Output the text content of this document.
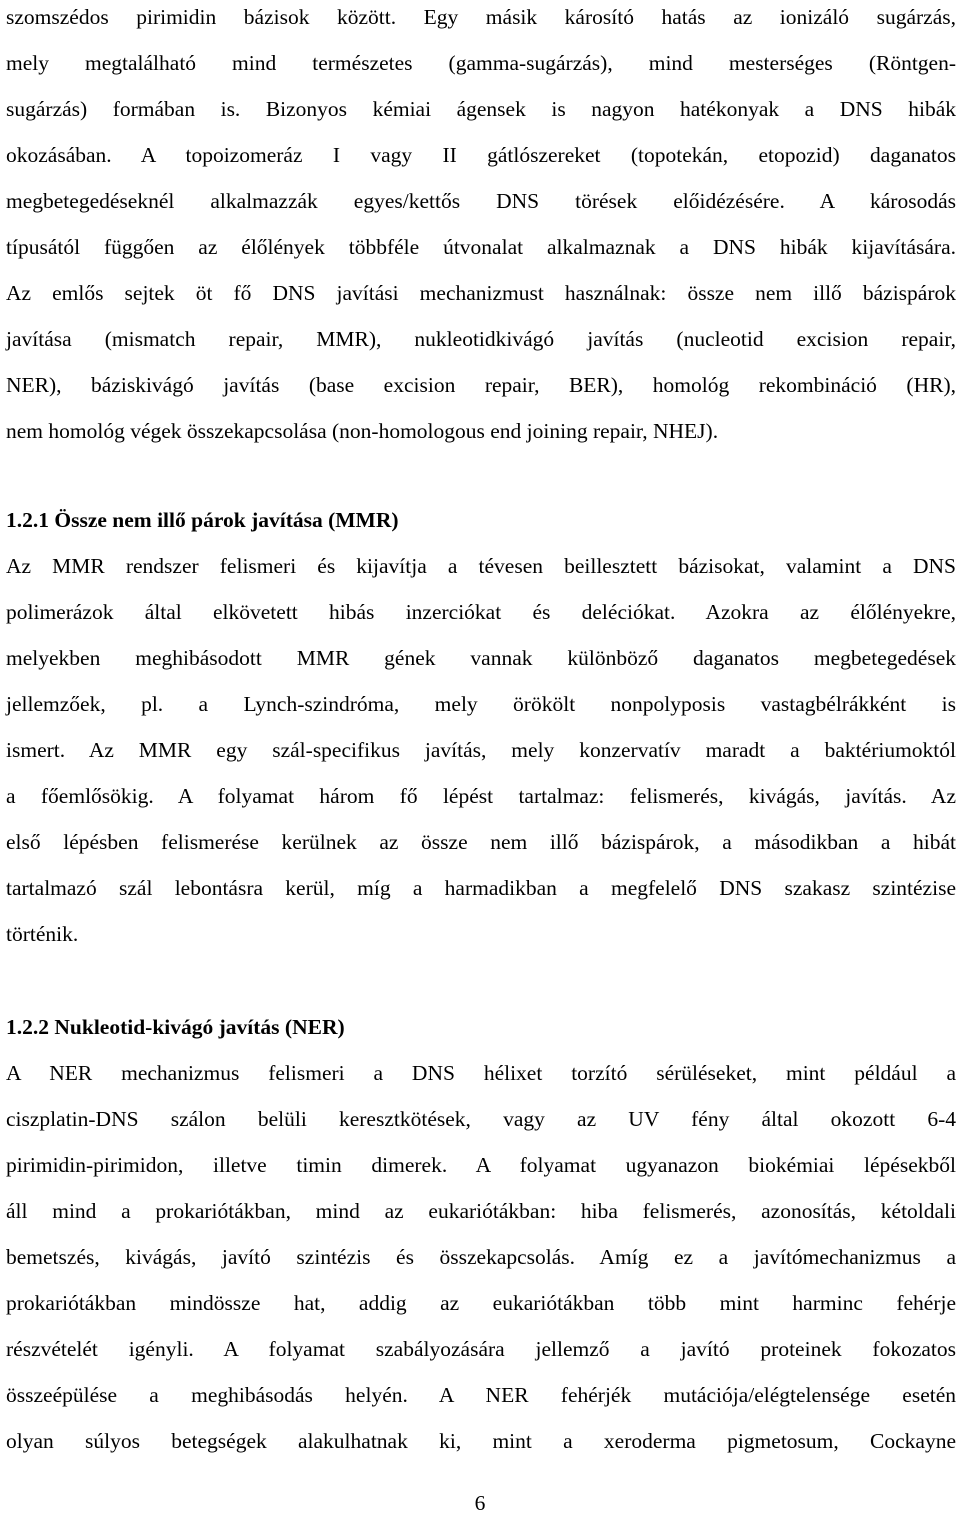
szomszédos pirimidin bázisok között. Egy másik károsító hatás az ionizáló sugárzás,
mely megtalálható mind természetes (gamma-sugárzás), mind mesterséges (Röntgen-
sugárzás) formában is. Bizonyos kémiai ágensek is nagyon hatékonyak a DNS hibák
okozásában. A topoizomeráz I vagy II gátlószereket (topotekán, etopozid) daganatos
megbetegedéseknél alkalmazzák egyes/kettős DNS törések előidézésére. A károsodás
típusától függően az élőlények többféle útvonalat alkalmaznak a DNS hibák kijavítására.
Az emlős sejtek öt fő DNS javítási mechanizmust használnak: össze nem illő bázispárok
javítása (mismatch repair, MMR), nukleotidkivágó javítás (nucleotid excision repair,
NER), báziskivágó javítás (base excision repair, BER), homológ rekombináció (HR),
nem homológ végek összekapcsolása (non-homologous end joining repair, NHEJ).
1.2.1 Össze nem illő párok javítása (MMR)
Az MMR rendszer felismeri és kijavítja a tévesen beillesztett bázisokat, valamint a DNS
polimerázok által elkövetett hibás inzerciókat és deléciókat. Azokra az élőlényekre,
melyekben meghibásodott MMR gének vannak különböző daganatos megbetegedések
jellemzőek, pl. a Lynch-szindróma, mely örökölt nonpolyposis vastagbélrákként is
ismert. Az MMR egy szál-specifikus javítás, mely konzervatív maradt a baktériumoktól
a főemlősökig. A folyamat három fő lépést tartalmaz: felismerés, kivágás, javítás. Az
első lépésben felismerése kerülnek az össze nem illő bázispárok, a másodikban a hibát
tartalmazó szál lebontásra kerül, míg a harmadikban a megfelelő DNS szakasz szintézise
történik.
1.2.2 Nukleotid-kivágó javítás (NER)
A NER mechanizmus felismeri a DNS hélixet torzító sérüléseket, mint például a
ciszplatin-DNS szálon belüli keresztkötések, vagy az UV fény által okozott 6-4
pirimidin-pirimidon, illetve timin dimerek. A folyamat ugyanazon biokémiai lépésekből
áll mind a prokariótákban, mind az eukariótákban: hiba felismerés, azonosítás, kétoldali
bemetszés, kivágás, javító szintézis és összekapcsolás. Amíg ez a javítómechanizmus a
prokariótákban mindössze hat, addig az eukariótákban több mint harminc fehérje
részvételét igényli. A folyamat szabályozására jellemző a javító proteinek fokozatos
összeépülése a meghibásodás helyén. A NER fehérjék mutációja/elégtelensége esetén
olyan súlyos betegségek alakulhatnak ki, mint a xeroderma pigmetosum, Cockayne
6
